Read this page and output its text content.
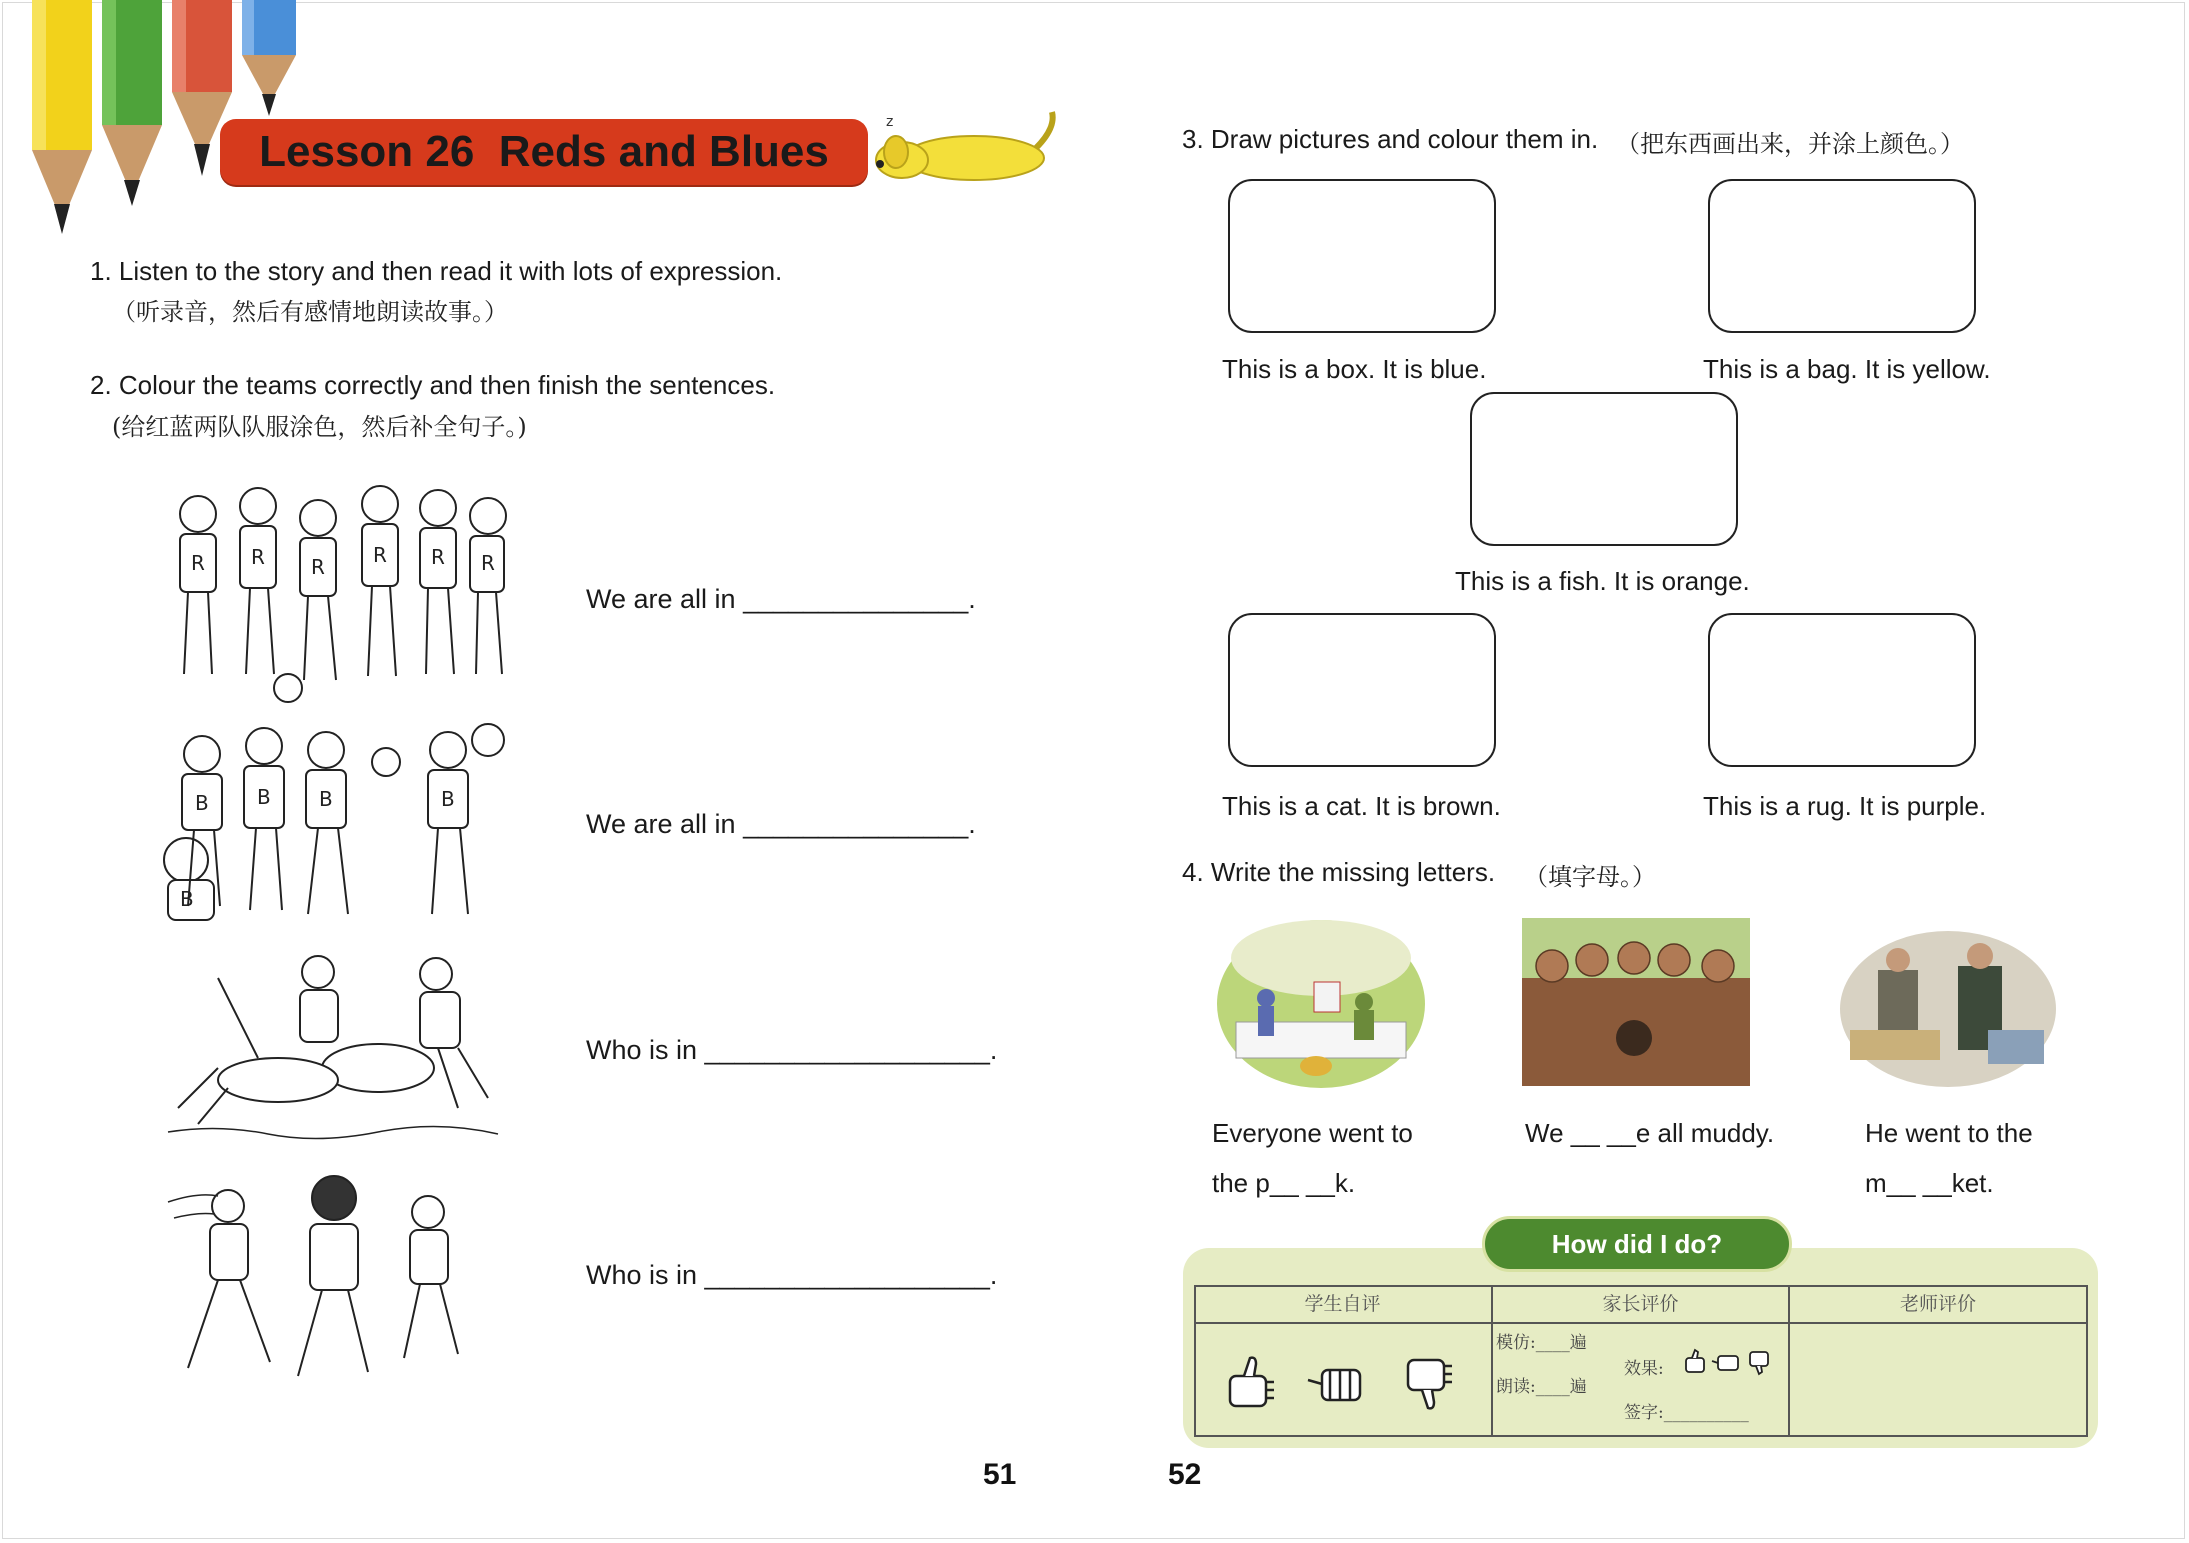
Lesson 26  Reds and Blues
z
1. Listen to the story and then read it with lots of expression.
（听录音，然后有感情地朗读故事。）
2. Colour the teams correctly and then finish the sentences.
(给红蓝两队队服涂色，然后补全句子。)
R R R R R R
B B B	B
B
We are all in _______________.
We are all in _______________.
Who is in ___________________.
Who is in ___________________.
3. Draw pictures and colour them in. （把东西画出来，并涂上颜色。）
This is a box. It is blue.	This is a bag. It is yellow.
This is a fish. It is orange.
This is a cat. It is brown.	This is a rug. It is purple.
4. Write the missing letters. （填字母。）
Everyone went to
the p__ __k.
We __ __e all muddy.	He went to the
m__ __ket.
How did I do?
学生自评	家长评价	老师评价
模仿:____遍
朗读:____遍
效果:
签字:__________
51	52
